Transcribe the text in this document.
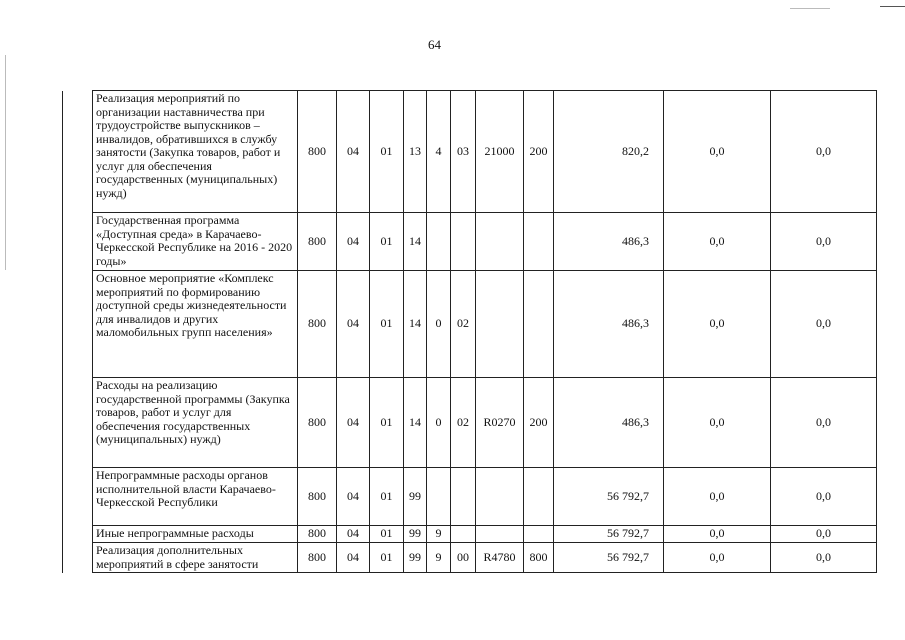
64
	Реализация мероприятий по организации наставничества при трудоустройстве выпускников – инвалидов, обратившихся в службу занятости (Закупка товаров, работ и услуг для обеспечения государственных (муниципальных) нужд)	800	04	01	13	4	03	21000	200	820,2	0,0	0,0
	Государственная программа «Доступная среда» в Карачаево-Черкесской Республике на 2016 - 2020 годы»	800	04	01	14					486,3	0,0	0,0
	Основное мероприятие «Комплекс мероприятий по формированию доступной среды жизнедеятельности для инвалидов и других маломобильных групп населения»	800	04	01	14	0	02			486,3	0,0	0,0
	Расходы на реализацию государственной программы (Закупка товаров, работ и услуг для обеспечения государственных (муниципальных) нужд)	800	04	01	14	0	02	R0270	200	486,3	0,0	0,0
	Непрограммные расходы органов исполнительной власти Карачаево-Черкесской Республики	800	04	01	99					56 792,7	0,0	0,0
	Иные непрограммные расходы	800	04	01	99	9				56 792,7	0,0	0,0
	Реализация дополнительных мероприятий в сфере занятости	800	04	01	99	9	00	R4780	800	56 792,7	0,0	0,0
